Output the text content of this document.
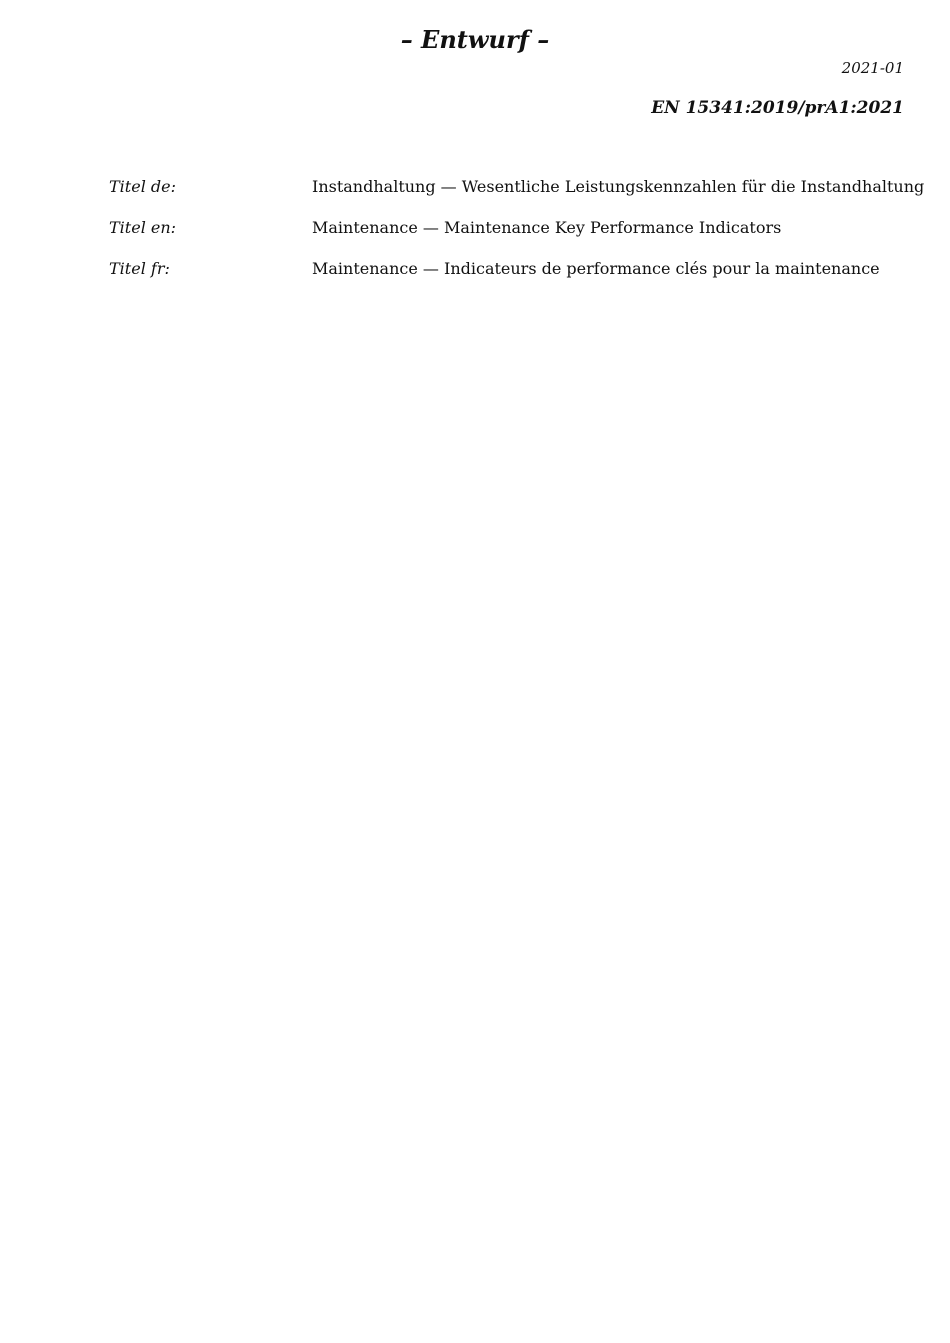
– Entwurf –
2021-01
EN 15341:2019/prA1:2021
Titel de:	Instandhaltung — Wesentliche Leistungskennzahlen für die Instandhaltung
Titel en:	Maintenance — Maintenance Key Performance Indicators
Titel fr:	Maintenance — Indicateurs de performance clés pour la maintenance
